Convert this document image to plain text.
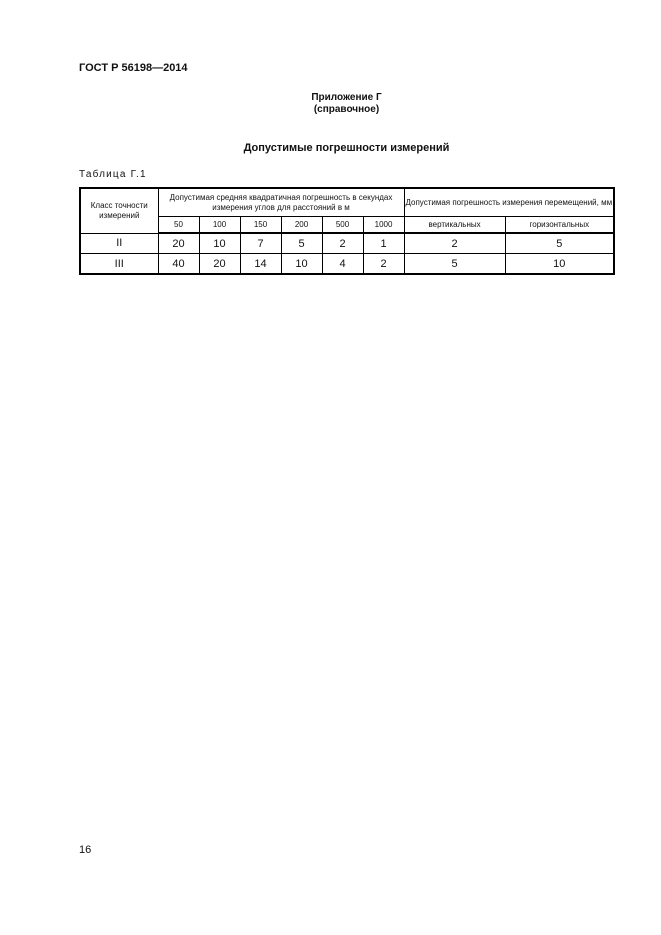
ГОСТ Р 56198—2014
Приложение Г
(справочное)
Допустимые погрешности измерений
Таблица Г.1
Класс точности измерений	Допустимая средняя квадратичная погрешность в секундах измерения углов для расстояний в м						Допустимая погрешность измерения перемещений, мм	
	50	100	150	200	500	1000	вертикальных	горизонтальных
II	20	10	7	5	2	1	2	5
III	40	20	14	10	4	2	5	10
16
